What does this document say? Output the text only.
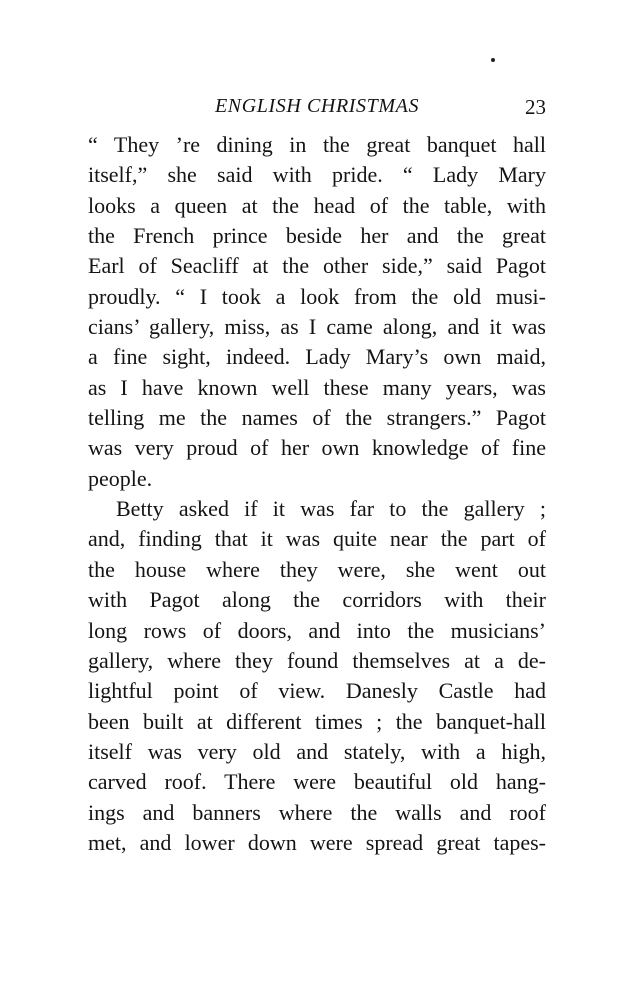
ENGLISH CHRISTMAS	23
“ They ’re dining in the great banquet hall
itself,” she said with pride. “ Lady Mary
looks a queen at the head of the table, with
the French prince beside her and the great
Earl of Seacliff at the other side,” said Pagot
proudly. “ I took a look from the old musi-
cians’ gallery, miss, as I came along, and it was
a fine sight, indeed. Lady Mary’s own maid,
as I have known well these many years, was
telling me the names of the strangers.” Pagot
was very proud of her own knowledge of fine
people.
Betty asked if it was far to the gallery ;
and, finding that it was quite near the part of
the house where they were, she went out
with Pagot along the corridors with their
long rows of doors, and into the musicians’
gallery, where they found themselves at a de-
lightful point of view. Danesly Castle had
been built at different times ; the banquet-hall
itself was very old and stately, with a high,
carved roof. There were beautiful old hang-
ings and banners where the walls and roof
met, and lower down were spread great tapes-
